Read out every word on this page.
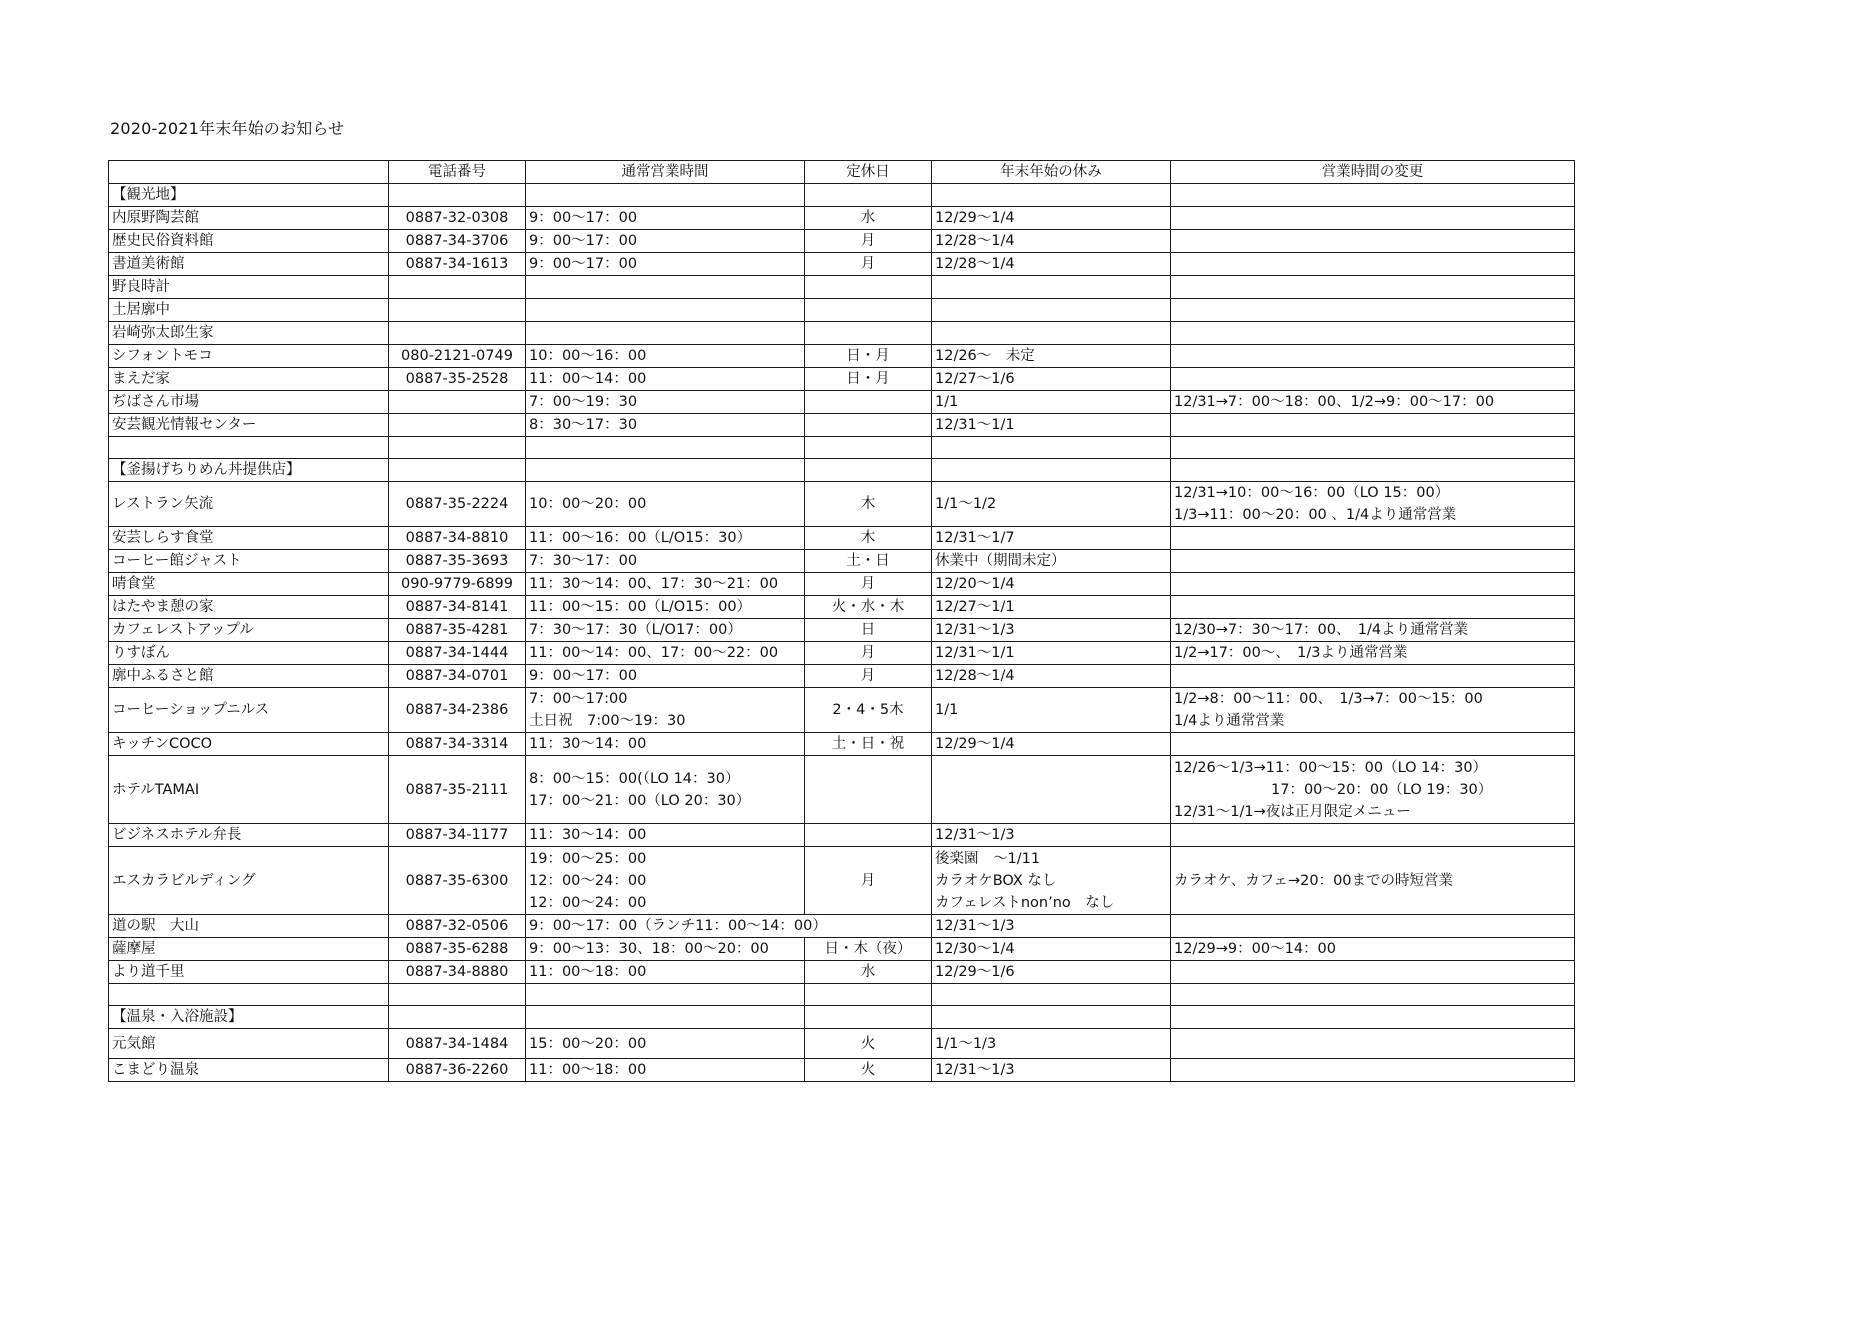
2020-2021年末年始のお知らせ
	電話番号	通常営業時間	定休日	年末年始の休み	営業時間の変更
【観光地】					
内原野陶芸館	0887-32-0308	9：00～17：00	水	12/29～1/4	

歴史民俗資料館	0887-34-3706	9：00～17：00	月	12/28～1/4	

書道美術館	0887-34-1613	9：00～17：00	月	12/28～1/4	

野良時計					
土居廓中					
岩崎弥太郎生家					
シフォントモコ	080-2121-0749	10：00～16：00	日・月	12/26～　未定	

まえだ家	0887-35-2528	11：00～14：00	日・月	12/27～1/6	

ぢばさん市場		7：00～19：30		1/1	12/31→7：00～18：00、1/2→9：00～17：00

安芸観光情報センター		8：30～17：30		12/31～1/1	

【釜揚げちりめん丼提供店】					
レストラン矢流	0887-35-2224	10：00～20：00	木	1/1～1/2	12/31→10：00～16：00（LO 15：00）
1/3→11：00～20：00 、1/4より通常営業

安芸しらす食堂	0887-34-8810	11：00～16：00（L/O15：30）	木	12/31～1/7	

コーヒー館ジャスト	0887-35-3693	7：30～17：00	土・日	休業中（期間未定）	

晴食堂	090-9779-6899	11：30～14：00、17：30～21：00	月	12/20～1/4	

はたやま憩の家	0887-34-8141	11：00～15：00（L/O15：00）	火・水・木	12/27～1/1	

カフェレストアップル	0887-35-4281	7：30～17：30（L/O17：00）	日	12/31～1/3	12/30→7：30～17：00、　1/4より通常営業

りすぼん	0887-34-1444	11：00～14：00、17：00～22：00	月	12/31～1/1	1/2→17：00～、　1/3より通常営業

廓中ふるさと館	0887-34-0701	9：00～17：00	月	12/28～1/4	

コーヒーショップニルス	0887-34-2386	7：00～17:00
土日祝　7:00～19：30	2・4・5木	1/1	1/2→8：00～11：00、　1/3→7：00～15：00
1/4より通常営業

キッチンCOCO	0887-34-3314	11：30～14：00	土・日・祝	12/29～1/4	

ホテルTAMAI	0887-35-2111	8：00～15：00(（LO 14：30）
17：00～21：00（LO 20：30）			12/26～1/3→11：00～15：00（LO 14：30）
17：00～20：00（LO 19：30）
12/31～1/1→夜は正月限定メニュー

ビジネスホテル弁長	0887-34-1177	11：30～14：00		12/31～1/3	

エスカラビルディング	0887-35-6300	19：00～25：00
12：00～24：00
12：00～24：00	月	後楽園　～1/11
カラオケBOX なし
カフェレストnon’no　なし	カラオケ、カフェ→20：00までの時短営業

道の駅　大山	0887-32-0506	9：00～17：00（ランチ11：00～14：00）		12/31～1/3	

薩摩屋	0887-35-6288	9：00～13：30、18：00～20：00	日・木（夜）	12/30～1/4	12/29→9：00～14：00

より道千里	0887-34-8880	11：00～18：00	水	12/29～1/6	

【温泉・入浴施設】					
元気館	0887-34-1484	15：00～20：00	火	1/1～1/3	

こまどり温泉	0887-36-2260	11：00～18：00	火	12/31～1/3	
